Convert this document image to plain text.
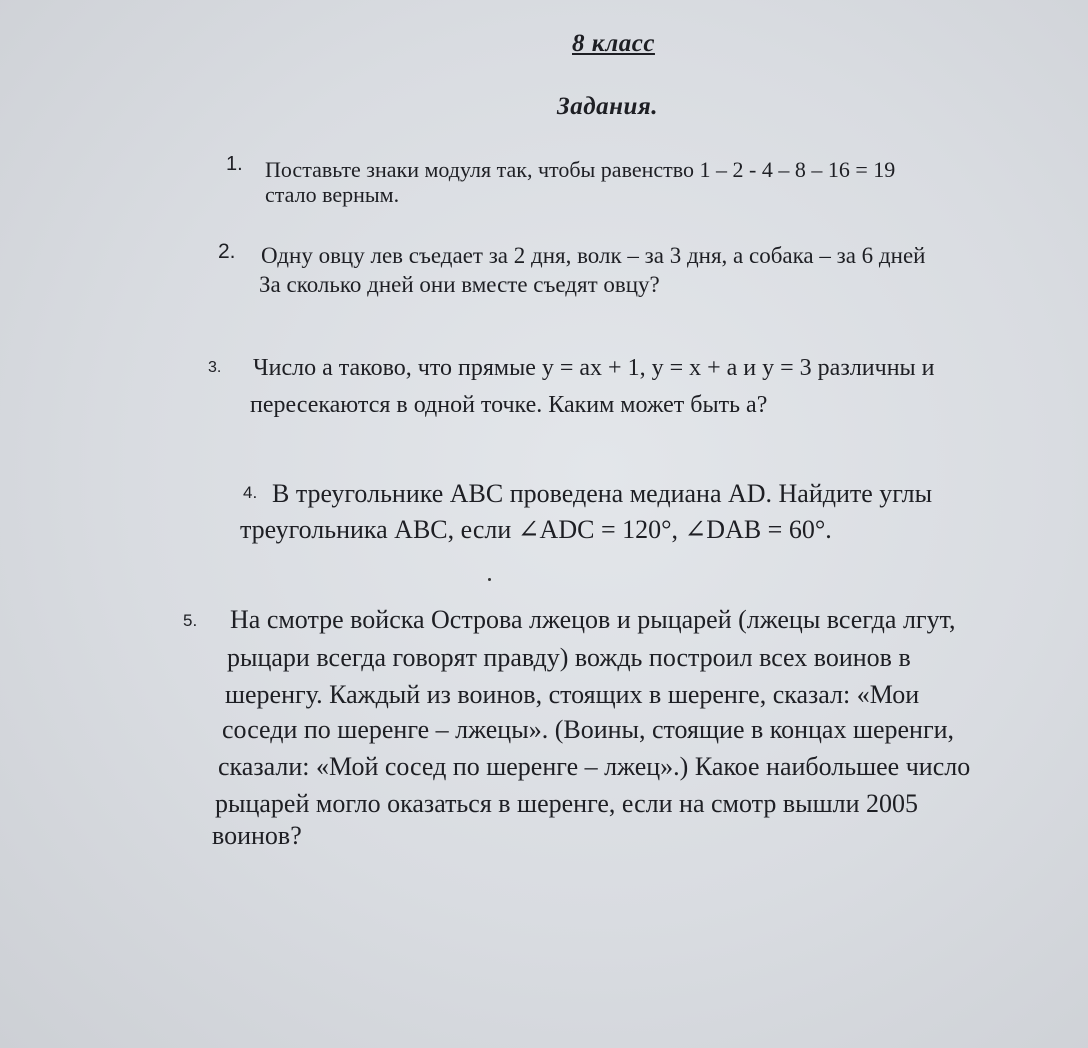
8 класс
Задания.
1. Поставьте знаки модуля так, чтобы равенство 1 – 2 - 4 – 8 – 16 = 19
стало верным.
2. Одну овцу лев съедает за 2 дня, волк – за 3 дня, а собака – за 6 дней
За сколько дней они вместе съедят овцу?
3. Число a таково, что прямые y = ax + 1, y = x + a и y = 3 различны и
пересекаются в одной точке. Каким может быть a?
4. В треугольнике АВС проведена медиана AD. Найдите углы
треугольника АВС, если ∠ADC = 120°, ∠DAB = 60°.
5. На смотре войска Острова лжецов и рыцарей (лжецы всегда лгут,
рыцари всегда говорят правду) вождь построил всех воинов в
шеренгу. Каждый из воинов, стоящих в шеренге, сказал: «Мои
соседи по шеренге – лжецы». (Воины, стоящие в концах шеренги,
сказали: «Мой сосед по шеренге – лжец».) Какое наибольшее число
рыцарей могло оказаться в шеренге, если на смотр вышли 2005
воинов?
